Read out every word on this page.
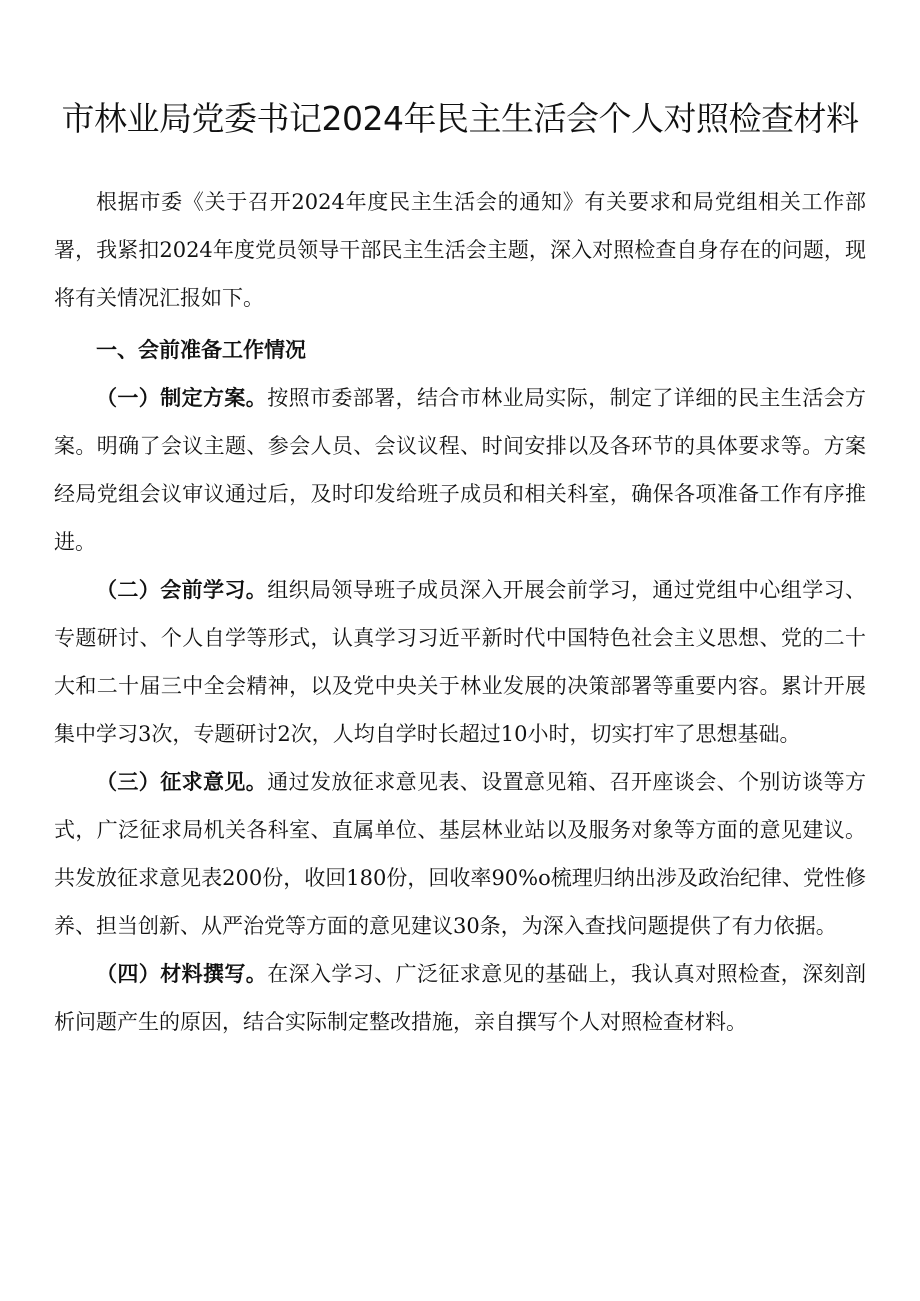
市林业局党委书记2024年民主生活会个人对照检查材料

根据市委《关于召开2024年度民主生活会的通知》有关要求和局党组相关工作部署，我紧扣2024年度党员领导干部民主生活会主题，深入对照检查自身存在的问题，现将有关情况汇报如下。

一、会前准备工作情况

（一）制定方案。按照市委部署，结合市林业局实际，制定了详细的民主生活会方案。明确了会议主题、参会人员、会议议程、时间安排以及各环节的具体要求等。方案经局党组会议审议通过后，及时印发给班子成员和相关科室，确保各项准备工作有序推进。

（二）会前学习。组织局领导班子成员深入开展会前学习，通过党组中心组学习、专题研讨、个人自学等形式，认真学习习近平新时代中国特色社会主义思想、党的二十大和二十届三中全会精神，以及党中央关于林业发展的决策部署等重要内容。累计开展集中学习3次，专题研讨2次，人均自学时长超过10小时，切实打牢了思想基础。

（三）征求意见。通过发放征求意见表、设置意见箱、召开座谈会、个别访谈等方式，广泛征求局机关各科室、直属单位、基层林业站以及服务对象等方面的意见建议。共发放征求意见表200份，收回180份，回收率90%o梳理归纳出涉及政治纪律、党性修养、担当创新、从严治党等方面的意见建议30条，为深入查找问题提供了有力依据。

（四）材料撰写。在深入学习、广泛征求意见的基础上，我认真对照检查，深刻剖析问题产生的原因，结合实际制定整改措施，亲自撰写个人对照检查材料。
